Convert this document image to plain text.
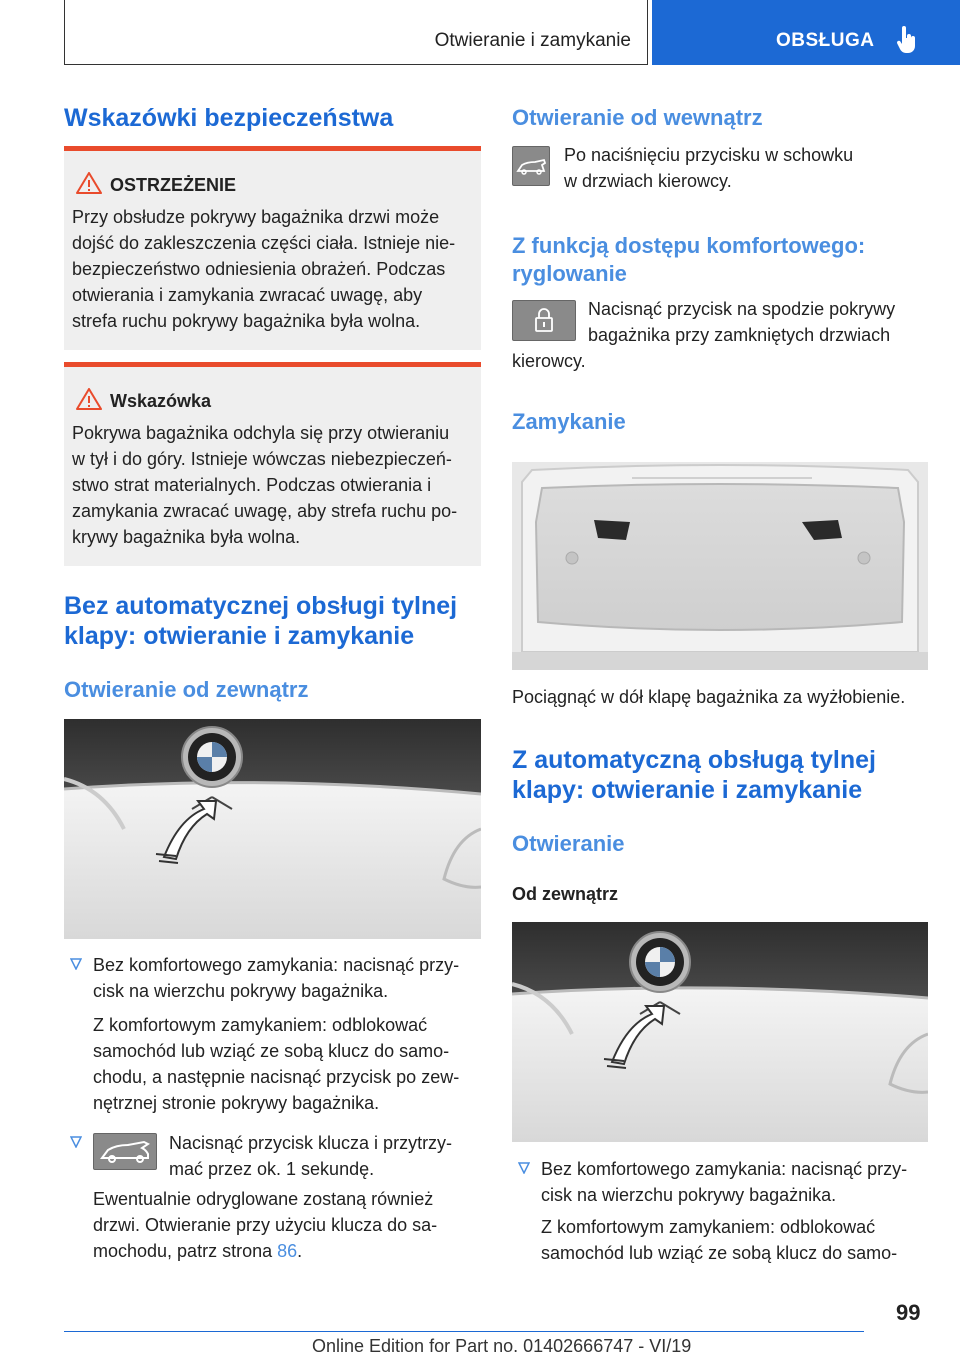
Otwieranie i zamykanie	OBSŁUGA
Wskazówki bezpieczeństwa
OSTRZEŻENIE
Przy obsłudze pokrywy bagażnika drzwi może
dojść do zakleszczenia części ciała. Istnieje nie-
bezpieczeństwo odniesienia obrażeń. Podczas
otwierania i zamykania zwracać uwagę, aby
strefa ruchu pokrywy bagażnika była wolna.
Wskazówka
Pokrywa bagażnika odchyla się przy otwieraniu
w tył i do góry. Istnieje wówczas niebezpieczeń-
stwo strat materialnych. Podczas otwierania i
zamykania zwracać uwagę, aby strefa ruchu po-
krywy bagażnika była wolna.
Bez automatycznej obsługi tylnej
klapy: otwieranie i zamykanie
Otwieranie od zewnątrz
Bez komfortowego zamykania: nacisnąć przy-
cisk na wierzchu pokrywy bagażnika.
Z komfortowym zamykaniem: odblokować
samochód lub wziąć ze sobą klucz do samo-
chodu, a następnie nacisnąć przycisk po zew-
nętrznej stronie pokrywy bagażnika.
Nacisnąć przycisk klucza i przytrzy-
mać przez ok. 1 sekundę.
Ewentualnie odryglowane zostaną również
drzwi. Otwieranie przy użyciu klucza do sa-
mochodu, patrz strona 86.
Otwieranie od wewnątrz
Po naciśnięciu przycisku w schowku
w drzwiach kierowcy.
Z funkcją dostępu komfortowego:
ryglowanie
Nacisnąć przycisk na spodzie pokrywy
bagażnika przy zamkniętych drzwiach
kierowcy.
Zamykanie
Pociągnąć w dół klapę bagażnika za wyżłobienie.
Z automatyczną obsługą tylnej
klapy: otwieranie i zamykanie
Otwieranie
Od zewnątrz
Bez komfortowego zamykania: nacisnąć przy-
cisk na wierzchu pokrywy bagażnika.
Z komfortowym zamykaniem: odblokować
samochód lub wziąć ze sobą klucz do samo-
99
Online Edition for Part no. 01402666747 - VI/19
